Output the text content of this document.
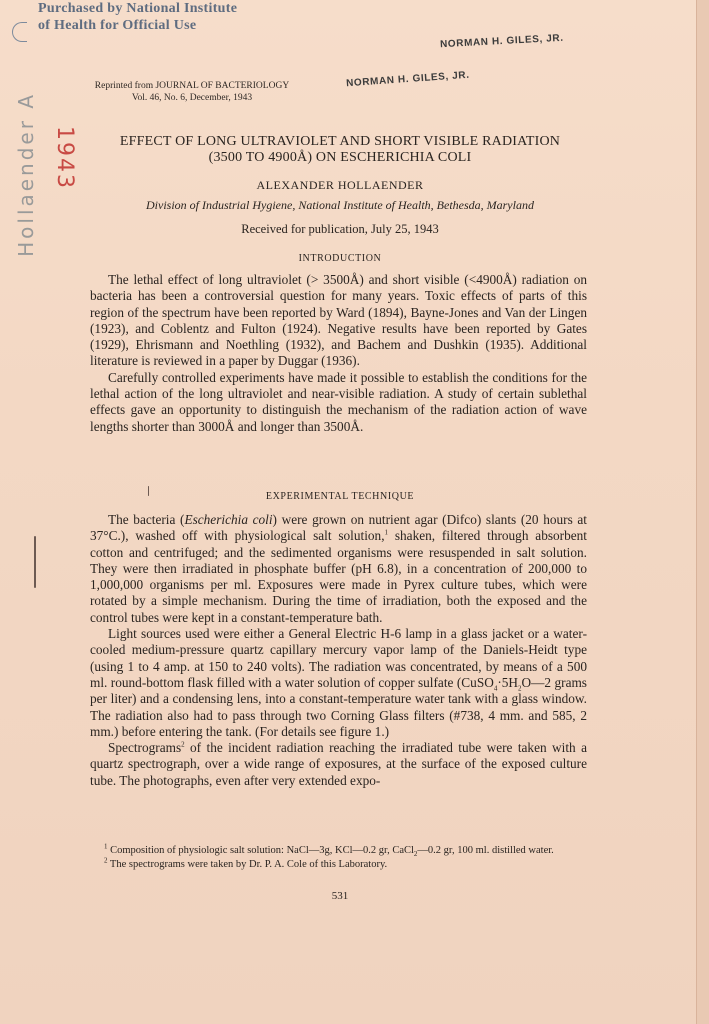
Purchased by National Institute
of Health for Official Use
NORMAN H. GILES, JR.
NORMAN H. GILES, JR.
Hollaender A 1943
Reprinted from JOURNAL OF BACTERIOLOGY
Vol. 46, No. 6, December, 1943
EFFECT OF LONG ULTRAVIOLET AND SHORT VISIBLE RADIATION
(3500 TO 4900Å) ON ESCHERICHIA COLI
ALEXANDER HOLLAENDER
Division of Industrial Hygiene, National Institute of Health, Bethesda, Maryland
Received for publication, July 25, 1943
INTRODUCTION

The lethal effect of long ultraviolet (> 3500Å) and short visible (<4900Å) radiation on bacteria has been a controversial question for many years. Toxic effects of parts of this region of the spectrum have been reported by Ward (1894), Bayne-Jones and Van der Lingen (1923), and Coblentz and Fulton (1924). Negative results have been reported by Gates (1929), Ehrismann and Noethling (1932), and Bachem and Dushkin (1935). Additional literature is reviewed in a paper by Duggar (1936).

Carefully controlled experiments have made it possible to establish the conditions for the lethal action of the long ultraviolet and near-visible radiation. A study of certain sublethal effects gave an opportunity to distinguish the mechanism of the radiation action of wave lengths shorter than 3000Å and longer than 3500Å.

EXPERIMENTAL TECHNIQUE

The bacteria (Escherichia coli) were grown on nutrient agar (Difco) slants (20 hours at 37°C.), washed off with physiological salt solution,$^1$ shaken, filtered through absorbent cotton and centrifuged; and the sedimented organisms were resuspended in salt solution. They were then irradiated in phosphate buffer (pH 6.8), in a concentration of 200,000 to 1,000,000 organisms per ml. Exposures were made in Pyrex culture tubes, which were rotated by a simple mechanism. During the time of irradiation, both the exposed and the control tubes were kept in a constant-temperature bath.

Light sources used were either a General Electric H-6 lamp in a glass jacket or a water-cooled medium-pressure quartz capillary mercury vapor lamp of the Daniels-Heidt type (using 1 to 4 amp. at 150 to 240 volts). The radiation was concentrated, by means of a 500 ml. round-bottom flask filled with a water solution of copper sulfate ($CuSO_4\cdot 5H_2O—2$ grams per liter) and a condensing lens, into a constant-temperature water tank with a glass window. The radiation also had to pass through two Corning Glass filters (#738, 4 mm. and 585, 2 mm.) before entering the tank. (For details see figure 1.)

Spectrograms$^2$ of the incident radiation reaching the irradiated tube were taken with a quartz spectrograph, over a wide range of exposures, at the surface of the exposed culture tube. The photographs, even after very extended expo-

$^1$ Composition of physiologic salt solution: NaCl—3g, KCl—0.2 gr, CaCl$_2$—0.2 gr, 100 ml. distilled water.

$^2$ The spectrograms were taken by Dr. P. A. Cole of this Laboratory.

531
